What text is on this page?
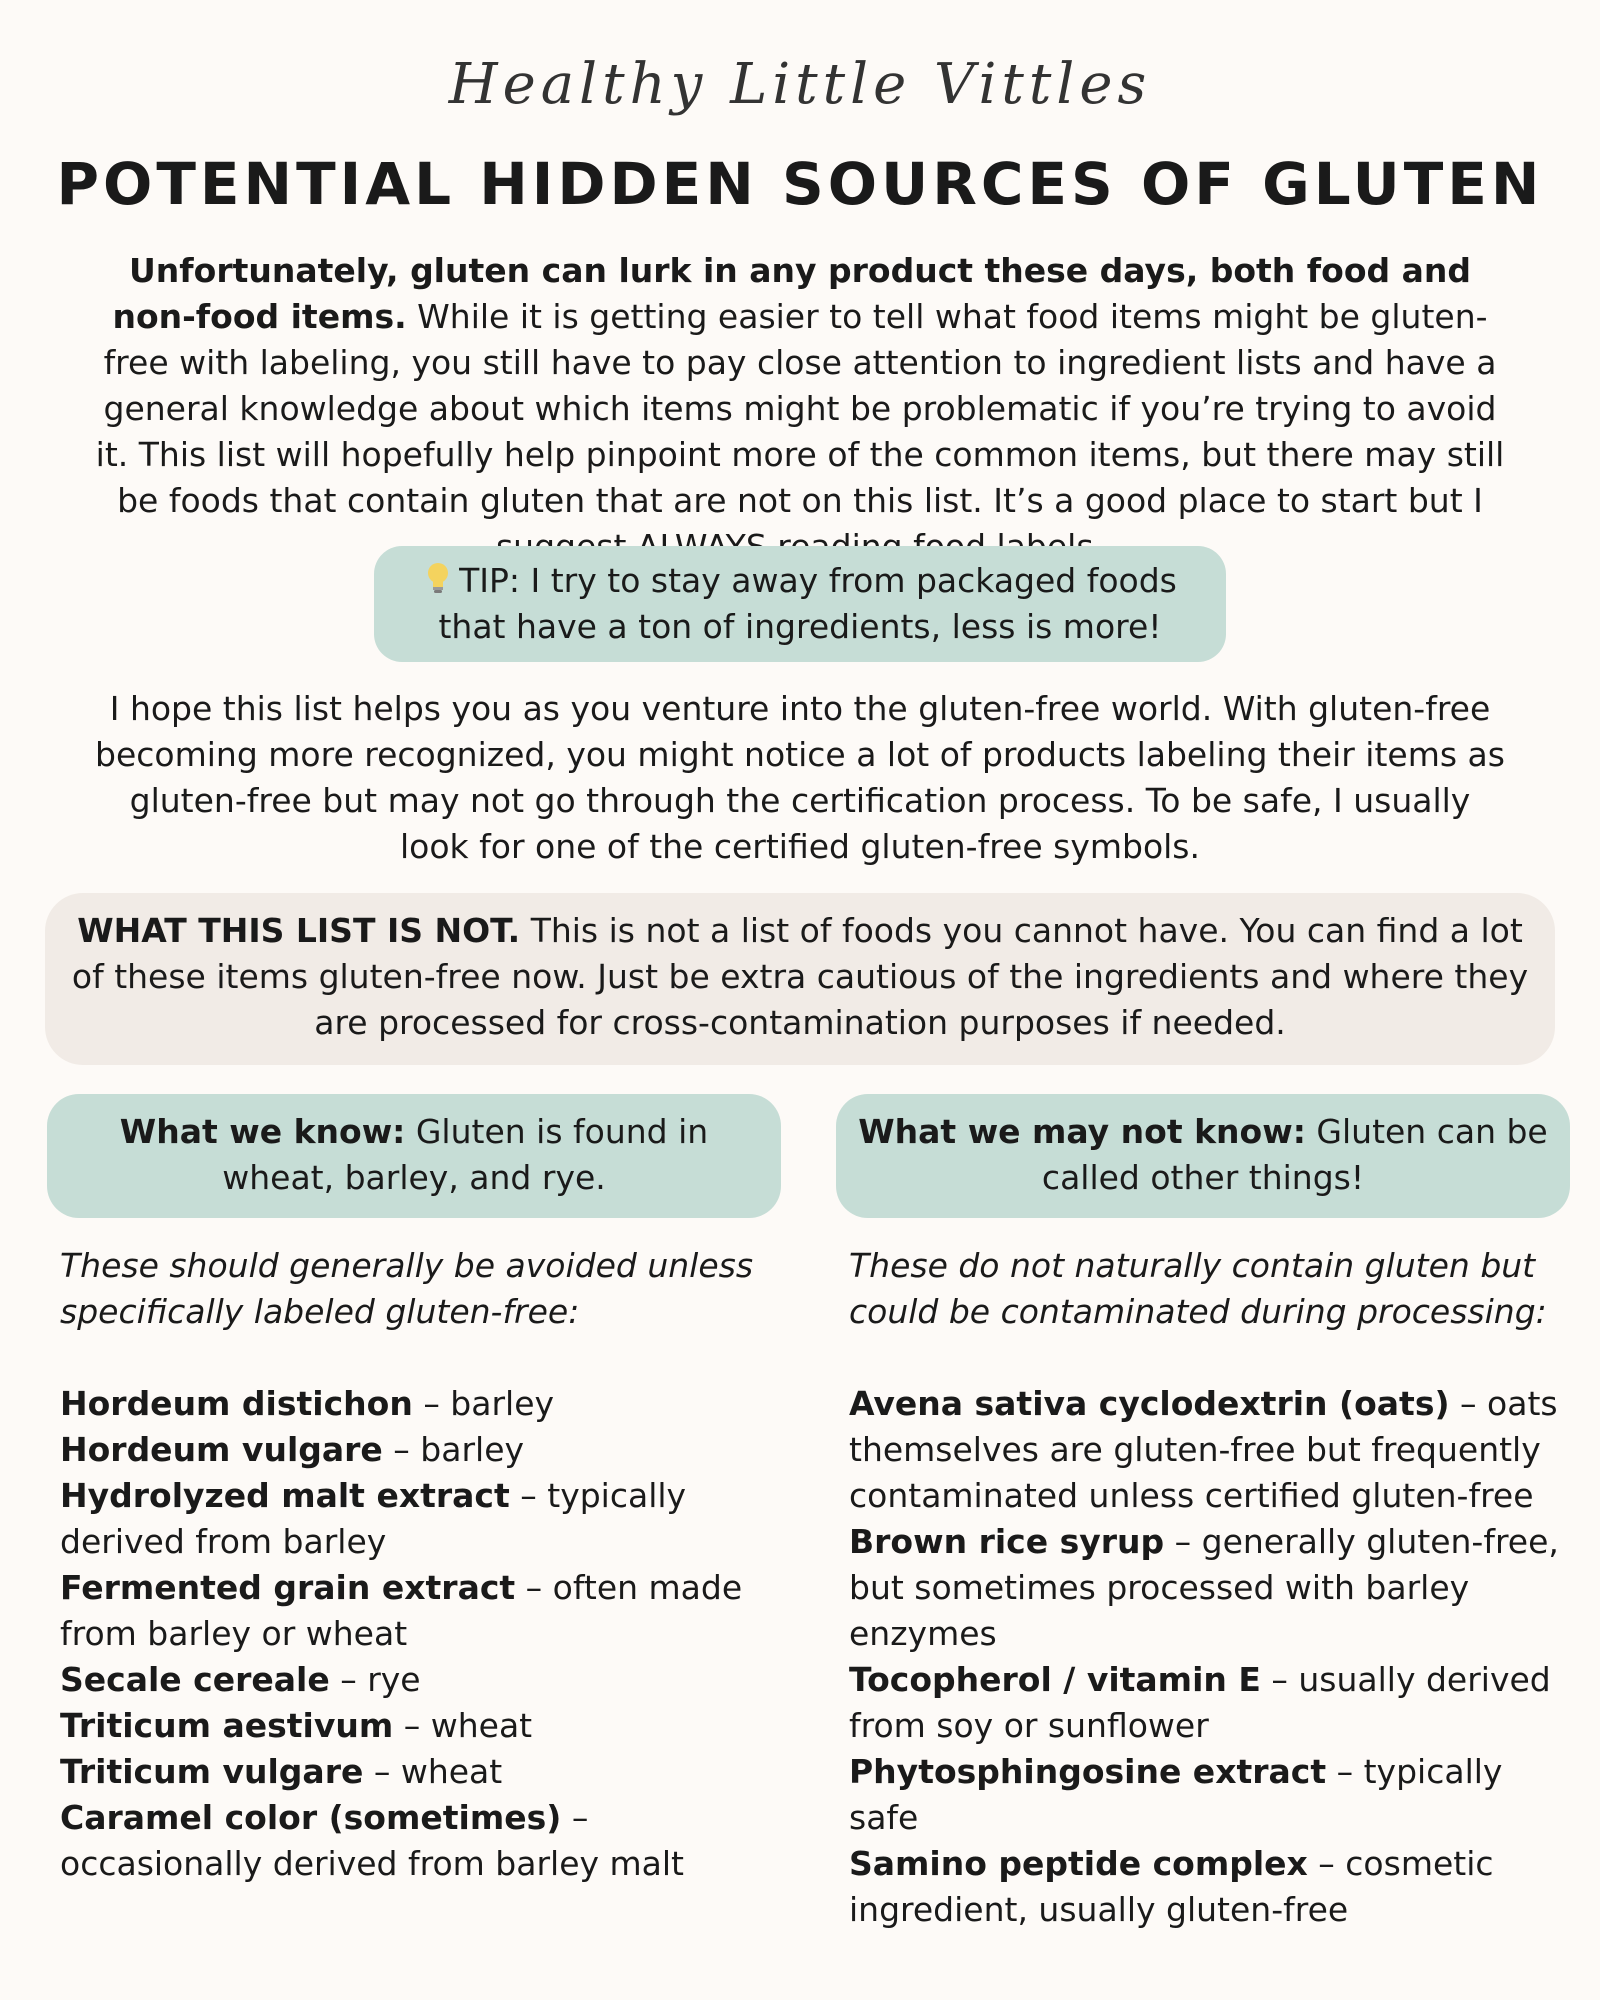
Healthy Little Vittles
POTENTIAL HIDDEN SOURCES OF GLUTEN

Unfortunately, gluten can lurk in any product these days, both food and non-food items. While it is getting easier to tell what food items might be gluten-free with labeling, you still have to pay close attention to ingredient lists and have a general knowledge about which items might be problematic if you’re trying to avoid it. This list will hopefully help pinpoint more of the common items, but there may still be foods that contain gluten that are not on this list. It’s a good place to start but I

TIP: I try to stay away from packaged foods that have a ton of ingredients, less is more!

I hope this list helps you as you venture into the gluten-free world. With gluten-free becoming more recognized, you might notice a lot of products labeling their items as gluten-free but may not go through the certification process. To be safe, I usually look for one of the certified gluten-free symbols.

WHAT THIS LIST IS NOT. This is not a list of foods you cannot have. You can find a lot of these items gluten-free now. Just be extra cautious of the ingredients and where they are processed for cross-contamination purposes if needed.
What we know: Gluten is found in wheat, barley, and rye.
What we may not know: Gluten can be called other things!

These should generally be avoided unless specifically labeled gluten-free:

Hordeum distichon – barley

Hordeum vulgare – barley

Hydrolyzed malt extract – typically derived from barley

Fermented grain extract – often made from barley or wheat

Secale cereale – rye

Triticum aestivum – wheat

Triticum vulgare – wheat

Caramel color (sometimes) – occasionally derived from barley malt

These do not naturally contain gluten but could be contaminated during processing:

Avena sativa cyclodextrin (oats) – oats themselves are gluten-free but frequently contaminated unless certified gluten-free

Brown rice syrup – generally gluten-free, but sometimes processed with barley enzymes

Tocopherol / vitamin E – usually derived from soy or sunflower

Phytosphingosine extract – typically safe

Samino peptide complex – cosmetic ingredient, usually gluten-free
